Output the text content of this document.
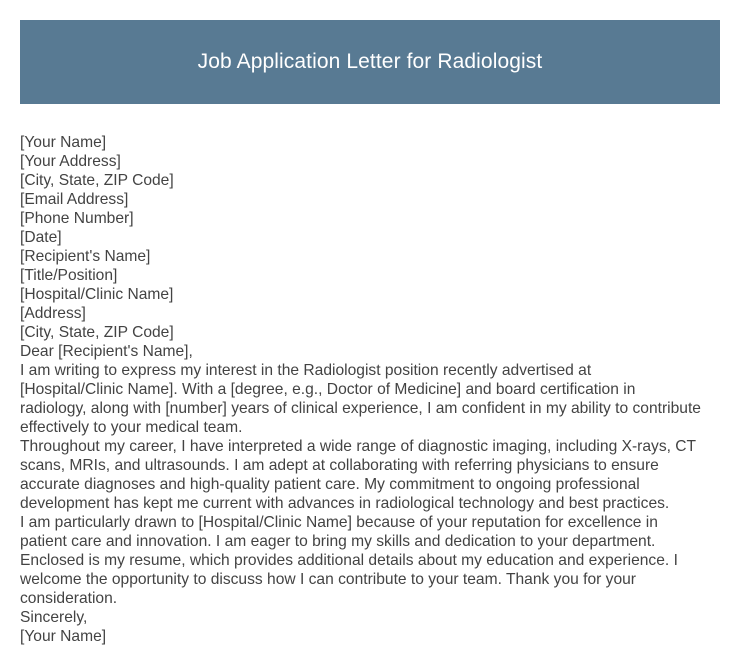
Job Application Letter for Radiologist
[Your Name]
[Your Address]
[City, State, ZIP Code]
[Email Address]
[Phone Number]
[Date]
[Recipient's Name]
[Title/Position]
[Hospital/Clinic Name]
[Address]
[City, State, ZIP Code]
Dear [Recipient's Name],

I am writing to express my interest in the Radiologist position recently advertised at
[Hospital/Clinic Name]. With a [degree, e.g., Doctor of Medicine] and board certification in
radiology, along with [number] years of clinical experience, I am confident in my ability to contribute
effectively to your medical team.

Throughout my career, I have interpreted a wide range of diagnostic imaging, including X-rays, CT
scans, MRIs, and ultrasounds. I am adept at collaborating with referring physicians to ensure
accurate diagnoses and high-quality patient care. My commitment to ongoing professional
development has kept me current with advances in radiological technology and best practices.

I am particularly drawn to [Hospital/Clinic Name] because of your reputation for excellence in
patient care and innovation. I am eager to bring my skills and dedication to your department.

Enclosed is my resume, which provides additional details about my education and experience. I
welcome the opportunity to discuss how I can contribute to your team. Thank you for your
consideration.

Sincerely,
[Your Name]
